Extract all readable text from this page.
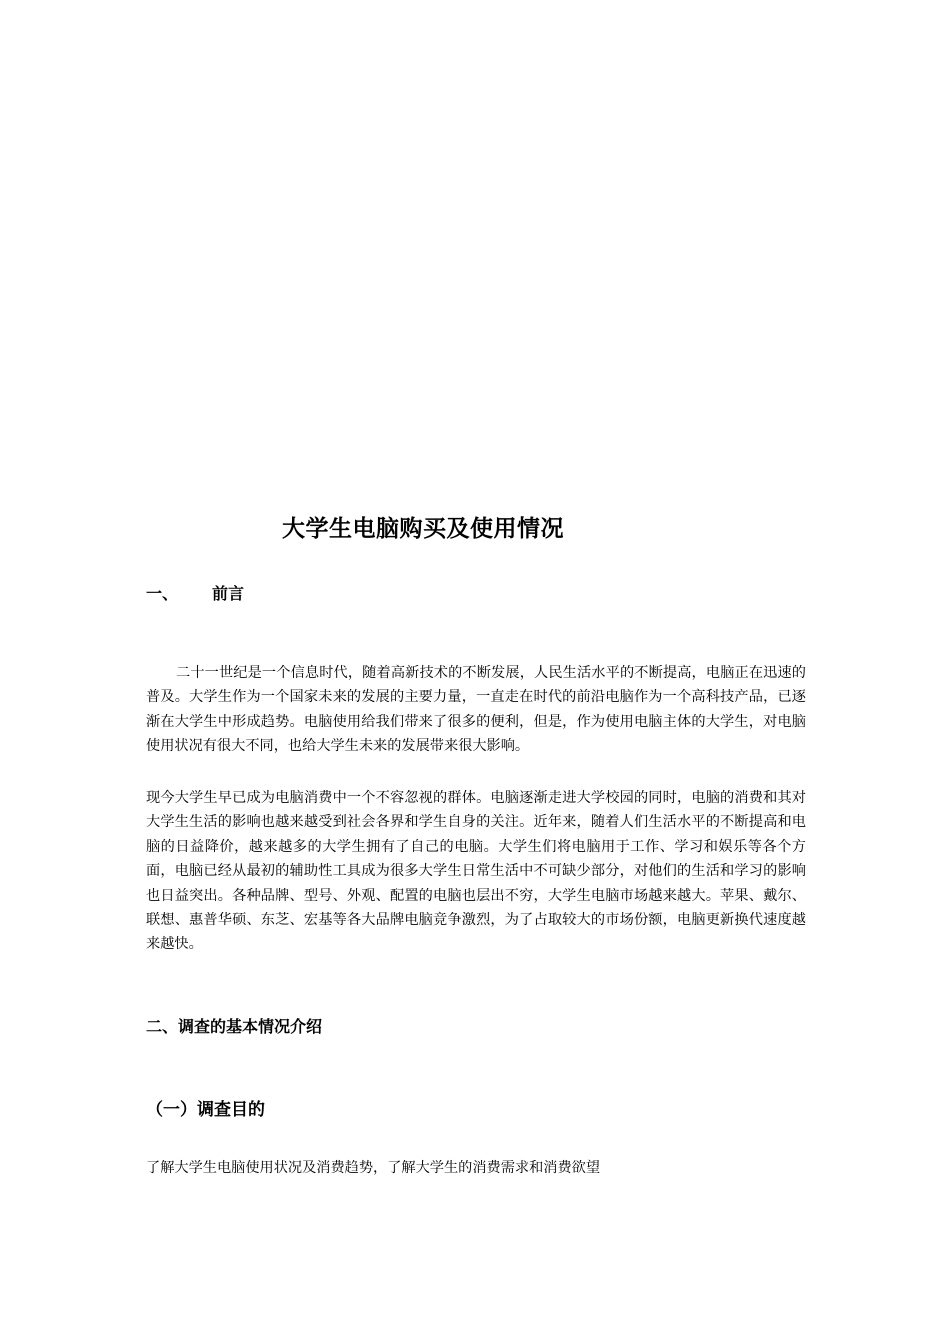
大学生电脑购买及使用情况
一、 前言

二十一世纪是一个信息时代，随着高新技术的不断发展，人民生活水平的不断提高，电脑正在迅速的普及。大学生作为一个国家未来的发展的主要力量，一直走在时代的前沿电脑作为一个高科技产品，已逐渐在大学生中形成趋势。电脑使用给我们带来了很多的便利，但是，作为使用电脑主体的大学生，对电脑使用状况有很大不同，也给大学生未来的发展带来很大影响。

现今大学生早已成为电脑消费中一个不容忽视的群体。电脑逐渐走进大学校园的同时，电脑的消费和其对大学生生活的影响也越来越受到社会各界和学生自身的关注。近年来，随着人们生活水平的不断提高和电脑的日益降价，越来越多的大学生拥有了自己的电脑。大学生们将电脑用于工作、学习和娱乐等各个方面，电脑已经从最初的辅助性工具成为很多大学生日常生活中不可缺少部分，对他们的生活和学习的影响也日益突出。各种品牌、型号、外观、配置的电脑也层出不穷，大学生电脑市场越来越大。苹果、戴尔、联想、惠普华硕、东芝、宏基等各大品牌电脑竞争激烈，为了占取较大的市场份额，电脑更新换代速度越来越快。

二、调查的基本情况介绍
（一）调查目的

了解大学生电脑使用状况及消费趋势，了解大学生的消费需求和消费欲望
